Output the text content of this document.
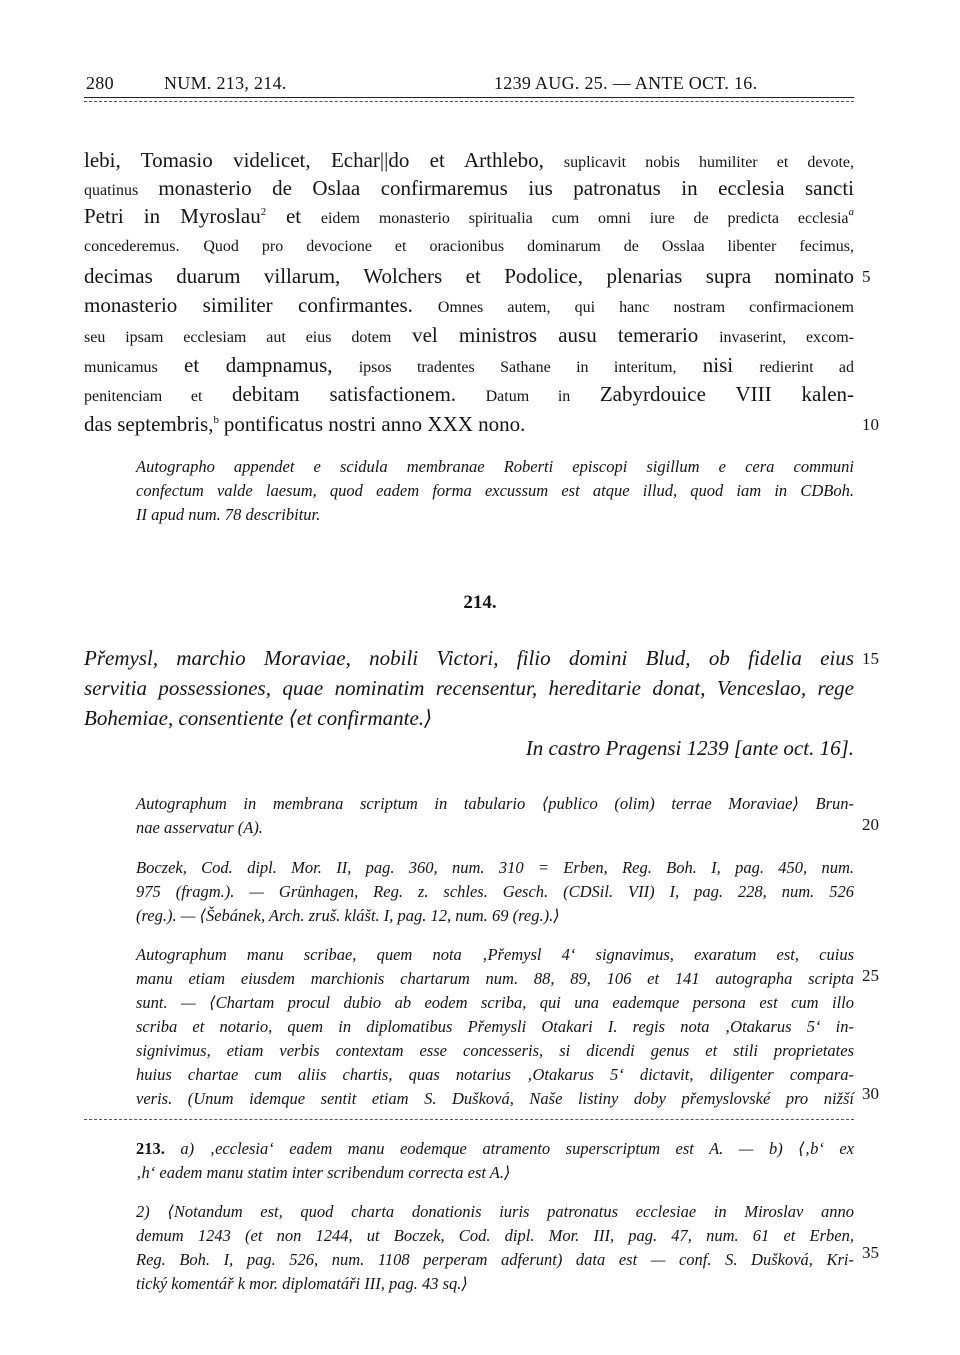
280	NUM. 213, 214.	1239 AUG. 25. — ANTE OCT. 16.
lebi, Tomasio videlicet, Echar||do et Arthlebo, suplicavit nobis humiliter et devote,
quatinus monasterio de Oslaa confirmaremus ius patronatus in ecclesia sancti
Petri in Myroslau$^2$ et eidem monasterio spiritualia cum omni iure de predicta ecclesia$^a$
concederemus. Quod pro devocione et oracionibus dominarum de Osslaa libenter fecimus,
decimas duarum villarum, Wolchers et Podolice, plenarias supra nominato
monasterio similiter confirmantes. Omnes autem, qui hanc nostram confirmacionem
seu ipsam ecclesiam aut eius dotem vel ministros ausu temerario invaserint, excom-
municamus et dampnamus, ipsos tradentes Sathane in interitum, nisi redierint ad
penitenciam et debitam satisfactionem. Datum in Zabyrdouice VIII kalen-
das septembris,$^b$ pontificatus nostri anno XXX nono.
5
10
15
20
25
30
35
Autographo appendet e scidula membranae Roberti episcopi sigillum e cera communi
confectum valde laesum, quod eadem forma excussum est atque illud, quod iam in CDBoh.
II apud num. 78 describitur.
214.
Přemysl, marchio Moraviae, nobili Victori, filio domini Blud, ob fidelia eius
servitia possessiones, quae nominatim recensentur, hereditarie donat, Venceslao, rege
Bohemiae, consentiente ⟨et confirmante.⟩
In castro Pragensi 1239 [ante oct. 16].
Autographum in membrana scriptum in tabulario ⟨publico (olim) terrae Moraviae⟩ Brun-
nae asservatur (A).
Boczek, Cod. dipl. Mor. II, pag. 360, num. 310 = Erben, Reg. Boh. I, pag. 450, num.
975 (fragm.). — Grünhagen, Reg. z. schles. Gesch. (CDSil. VII) I, pag. 228, num. 526
(reg.). — ⟨Šebánek, Arch. zruš. klášt. I, pag. 12, num. 69 (reg.).⟩
Autographum manu scribae, quem nota ‚Přemysl 4‘ signavimus, exaratum est, cuius
manu etiam eiusdem marchionis chartarum num. 88, 89, 106 et 141 autographa scripta
sunt. — ⟨Chartam procul dubio ab eodem scriba, qui una eademque persona est cum illo
scriba et notario, quem in diplomatibus Přemysli Otakari I. regis nota ‚Otakarus 5‘ in-
signivimus, etiam verbis contextam esse concesseris, si dicendi genus et stili proprietates
huius chartae cum aliis chartis, quas notarius ‚Otakarus 5‘ dictavit, diligenter compara-
veris. (Unum idemque sentit etiam S. Dušková, Naše listiny doby přemyslovské pro nižší
213. a) ‚ecclesia‘ eadem manu eodemque atramento superscriptum est A. — b) ⟨‚b‘ ex
‚h‘ eadem manu statim inter scribendum correcta est A.⟩
2) ⟨Notandum est, quod charta donationis iuris patronatus ecclesiae in Miroslav anno
demum 1243 (et non 1244, ut Boczek, Cod. dipl. Mor. III, pag. 47, num. 61 et Erben,
Reg. Boh. I, pag. 526, num. 1108 perperam adferunt) data est — conf. S. Dušková, Kri-
tický komentář k mor. diplomatáři III, pag. 43 sq.⟩
